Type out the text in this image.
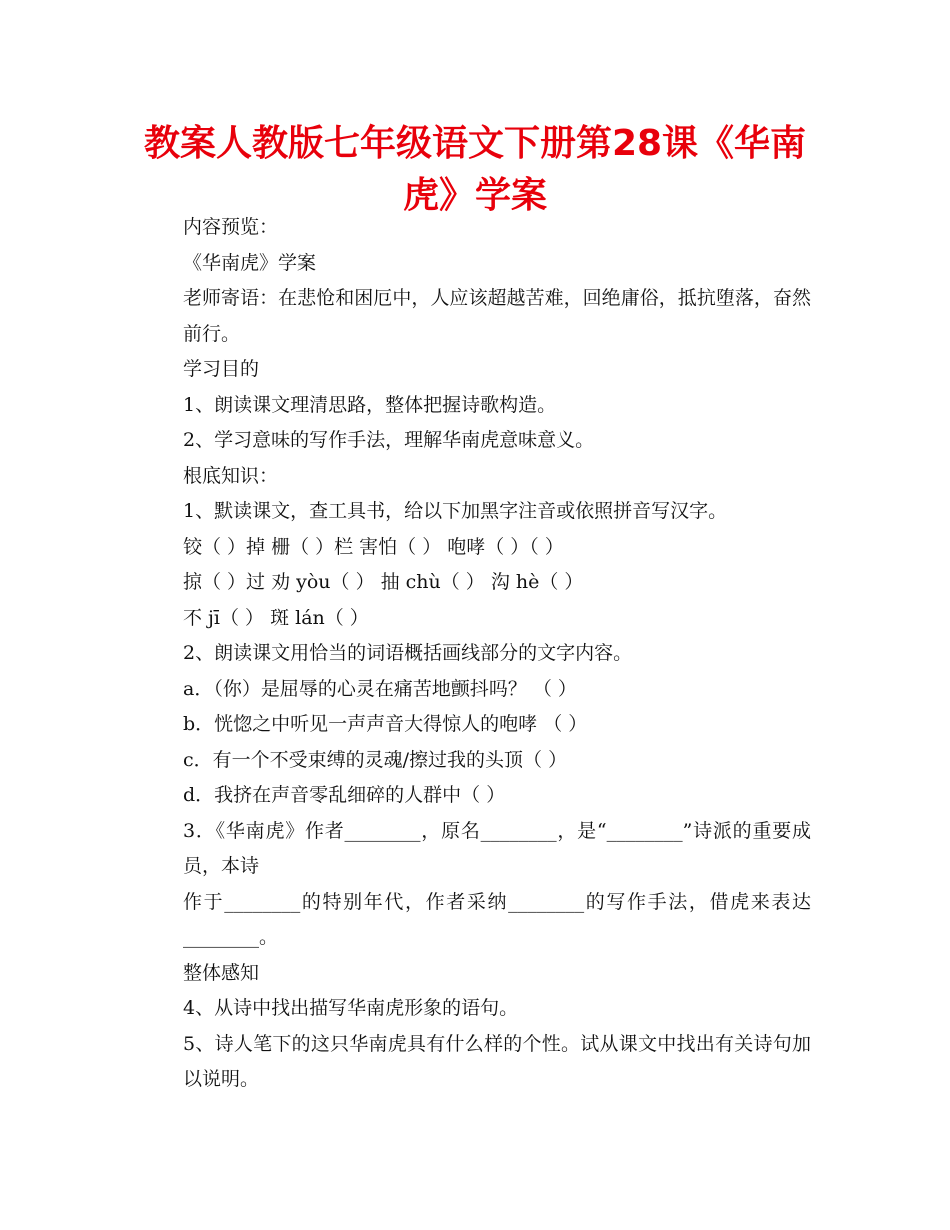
教案人教版七年级语文下册第28课《华南虎》学案

内容预览：

《华南虎》学案

老师寄语：在悲怆和困厄中，人应该超越苦难，回绝庸俗，抵抗堕落，奋然前行。

学习目的

1、朗读课文理清思路，整体把握诗歌构造。

2、学习意味的写作手法，理解华南虎意味意义。

根底知识：

1、默读课文，查工具书，给以下加黑字注音或依照拼音写汉字。

铰（ ）掉 栅（ ）栏 害怕（ ） 咆哮（ ）（ ）

掠（ ）过 劝 yòu（ ） 抽 chù（ ） 沟 hè（ ）

不 jī（ ） 斑 lán（ ）

2、朗读课文用恰当的词语概括画线部分的文字内容。

a．（你）是屈辱的心灵在痛苦地颤抖吗？ （ ）

b．恍惚之中听见一声声音大得惊人的咆哮 （ ）

c．有一个不受束缚的灵魂/擦过我的头顶（ ）

d．我挤在声音零乱细碎的人群中（ ）

3．《华南虎》作者________，原名________，是“________”诗派的重要成员，本诗

作于________的特别年代，作者采纳________的写作手法，借虎来表达________。

整体感知

4、从诗中找出描写华南虎形象的语句。

5、诗人笔下的这只华南虎具有什么样的个性。试从课文中找出有关诗句加以说明。
